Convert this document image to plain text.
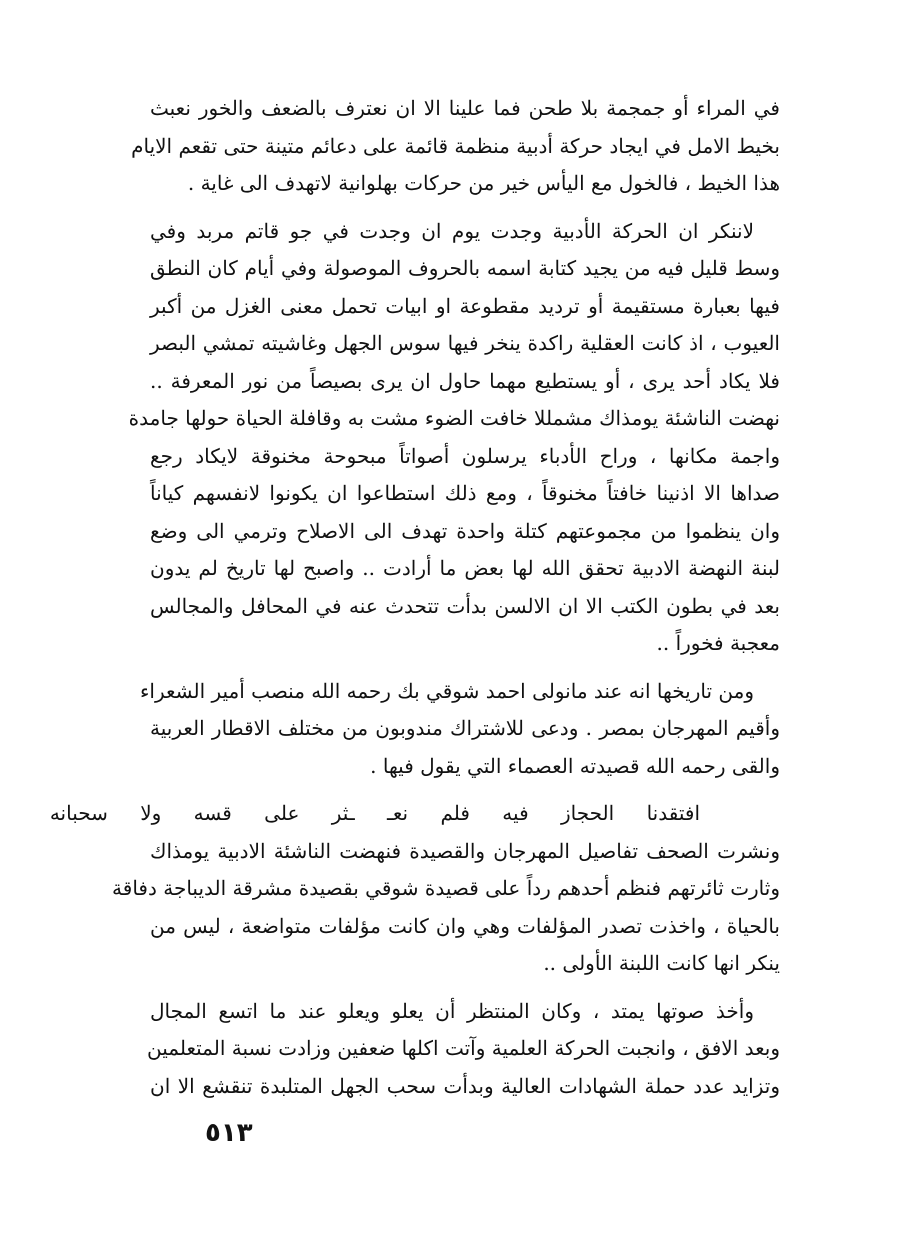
في المراء أو جمجمة بلا طحن فما علينا الا ان نعترف بالضعف والخور نعبث
بخيط الامل في ايجاد حركة أدبية منظمة قائمة على دعائم متينة حتى تقعم الايام
هذا الخيط ، فالخول مع اليأس خير من حركات بهلوانية لاتهدف الى غاية .
لاننكر ان الحركة الأدبية وجدت يوم ان وجدت في جو قاتم مربد وفي
وسط قليل فيه من يجيد كتابة اسمه بالحروف الموصولة وفي أيام كان النطق
فيها بعبارة مستقيمة أو ترديد مقطوعة او ابيات تحمل معنى الغزل من أكبر
العيوب ، اذ كانت العقلية راكدة ينخر فيها سوس الجهل وغاشيته تمشي البصر
فلا يكاد أحد يرى ، أو يستطيع مهما حاول ان يرى بصيصاً من نور المعرفة ..
نهضت الناشئة يومذاك مشمللا خافت الضوء مشت به وقافلة الحياة حولها جامدة
واجمة مكانها ، وراح الأدباء يرسلون أصواتاً مبحوحة مخنوقة لايكاد رجع
صداها الا اذنينا خافتاً مخنوقاً ، ومع ذلك استطاعوا ان يكونوا لانفسهم كياناً
وان ينظموا من مجموعتهم كتلة واحدة تهدف الى الاصلاح وترمي الى وضع
لبنة النهضة الادبية تحقق الله لها بعض ما أرادت .. واصبح لها تاريخ لم يدون
بعد في بطون الكتب الا ان الالسن بدأت تتحدث عنه في المحافل والمجالس
معجبة فخوراً ..
ومن تاريخها انه عند مانولى احمد شوقي بك رحمه الله منصب أمير الشعراء
وأقيم المهرجان بمصر . ودعى للاشتراك مندوبون من مختلف الاقطار العربية
والقى رحمه الله قصيدته العصماء التي يقول فيها .
افتقدنا الحجاز فيه فلم نعـ ـثر على قسه ولا سحبانه
ونشرت الصحف تفاصيل المهرجان والقصيدة فنهضت الناشئة الادبية يومذاك
وثارت ثائرتهم فنظم أحدهم رداً على قصيدة شوقي بقصيدة مشرقة الديباجة دفاقة
بالحياة ، واخذت تصدر المؤلفات وهي وان كانت مؤلفات متواضعة ، ليس من
ينكر انها كانت اللبنة الأولى ..
وأخذ صوتها يمتد ، وكان المنتظر أن يعلو ويعلو عند ما اتسع المجال
وبعد الافق ، وانجبت الحركة العلمية وآتت اكلها ضعفين وزادت نسبة المتعلمين
وتزايد عدد حملة الشهادات العالية وبدأت سحب الجهل المتلبدة تنقشع الا ان
٥١٣
